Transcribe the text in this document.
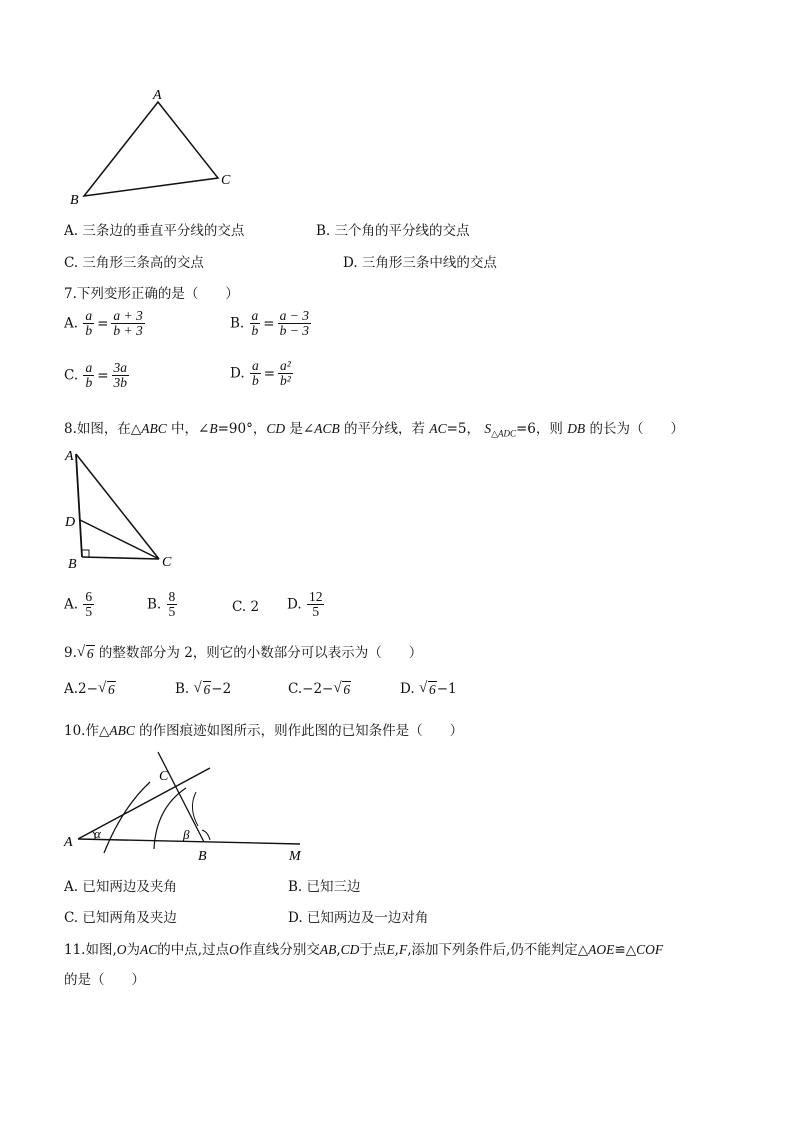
A
B
C
A. 三条边的垂直平分线的交点	B. 三个角的平分线的交点
C. 三角形三条高的交点	D. 三角形三条中线的交点
7.下列变形正确的是（　　）
A. $\frac{a}{b} = \frac{a + 3}{b + 3}$	B. $\frac{a}{b} = \frac{a - 3}{b - 3}$
C. $\frac{a}{b} = \frac{3a}{3b}$	D. $\frac{a}{b} = \frac{\text{a²}}{\text{b²}}$
8.如图，在△ABC 中，∠B=90°，CD 是∠ACB 的平分线，若 AC=5， $S_{\triangle ADC}=6$，则 DB 的长为（　　）
A
D
B	C
A. $\frac{6}{5}$	B. $\frac{8}{5}$	C. 2 D. $\frac{12}{5}$
9. √ 6 的整数部分为 2，则它的小数部分可以表示为（　　）
A.2− √ 6	B. √ 6−2	C.−2− √ 6	D. √ 6−1
10.作△ABC 的作图痕迹如图所示，则作此图的已知条件是（　　）
α	β
A
B
C
M
A. 已知两边及夹角	B. 已知三边
C. 已知两角及夹边	D. 已知两边及一边对角
11.如图,O为AC的中点,过点O作直线分别交AB,CD于点E,F,添加下列条件后,仍不能判定△AOE≌△COF
的是（　　）
